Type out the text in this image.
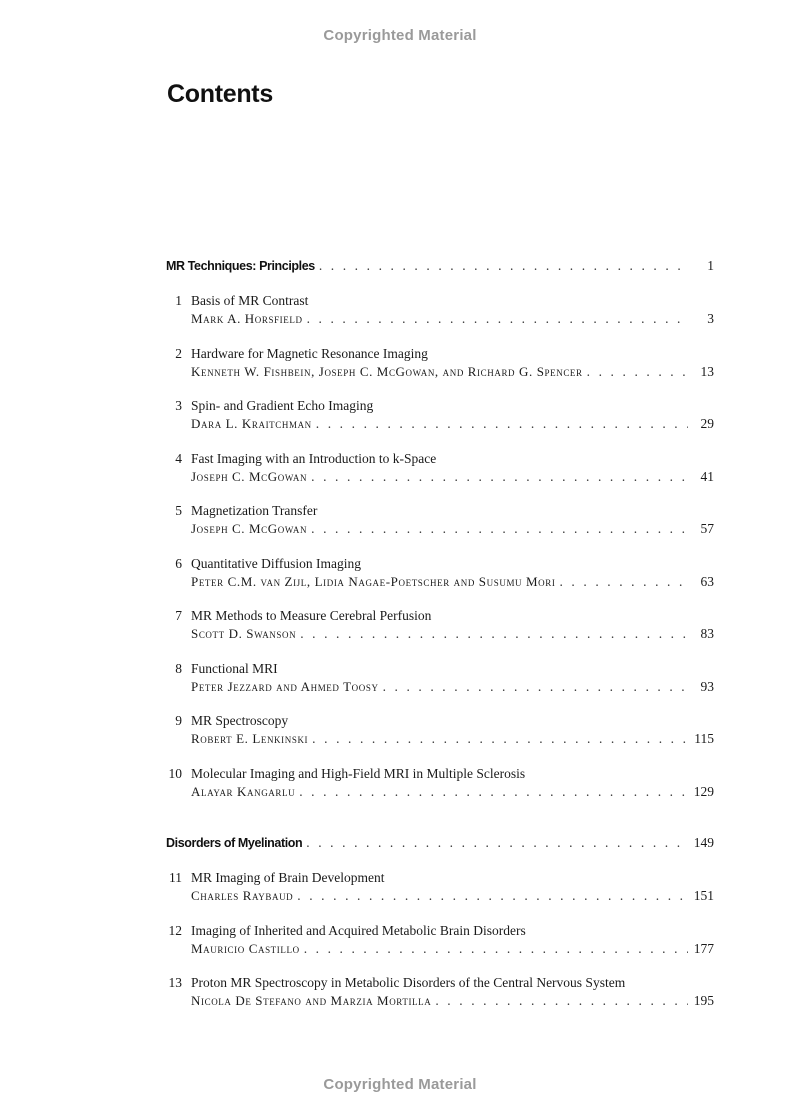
Copyrighted Material
Contents
MR Techniques: Principles . . .	1
1 Basis of MR Contrast
Mark A. Horsfield . . .	3
2 Hardware for Magnetic Resonance Imaging
Kenneth W. Fishbein, Joseph C. McGowan, and Richard G. Spencer . . .	13
3 Spin- and Gradient Echo Imaging
Dara L. Kraitchman . . .	29
4 Fast Imaging with an Introduction to k-Space
Joseph C. McGowan . . .	41
5 Magnetization Transfer
Joseph C. McGowan . . .	57
6 Quantitative Diffusion Imaging
Peter C.M. van Zijl, Lidia Nagae-Poetscher and Susumu Mori . . .	63
7 MR Methods to Measure Cerebral Perfusion
Scott D. Swanson . . .	83
8 Functional MRI
Peter Jezzard and Ahmed Toosy . . .	93
9 MR Spectroscopy
Robert E. Lenkinski . . .	115
10 Molecular Imaging and High-Field MRI in Multiple Sclerosis
Alayar Kangarlu . . .	129
Disorders of Myelination . . .	149
11 MR Imaging of Brain Development
Charles Raybaud . . .	151
12 Imaging of Inherited and Acquired Metabolic Brain Disorders
Mauricio Castillo . . .	177
13 Proton MR Spectroscopy in Metabolic Disorders of the Central Nervous System
Nicola De Stefano and Marzia Mortilla . . .	195
Copyrighted Material
